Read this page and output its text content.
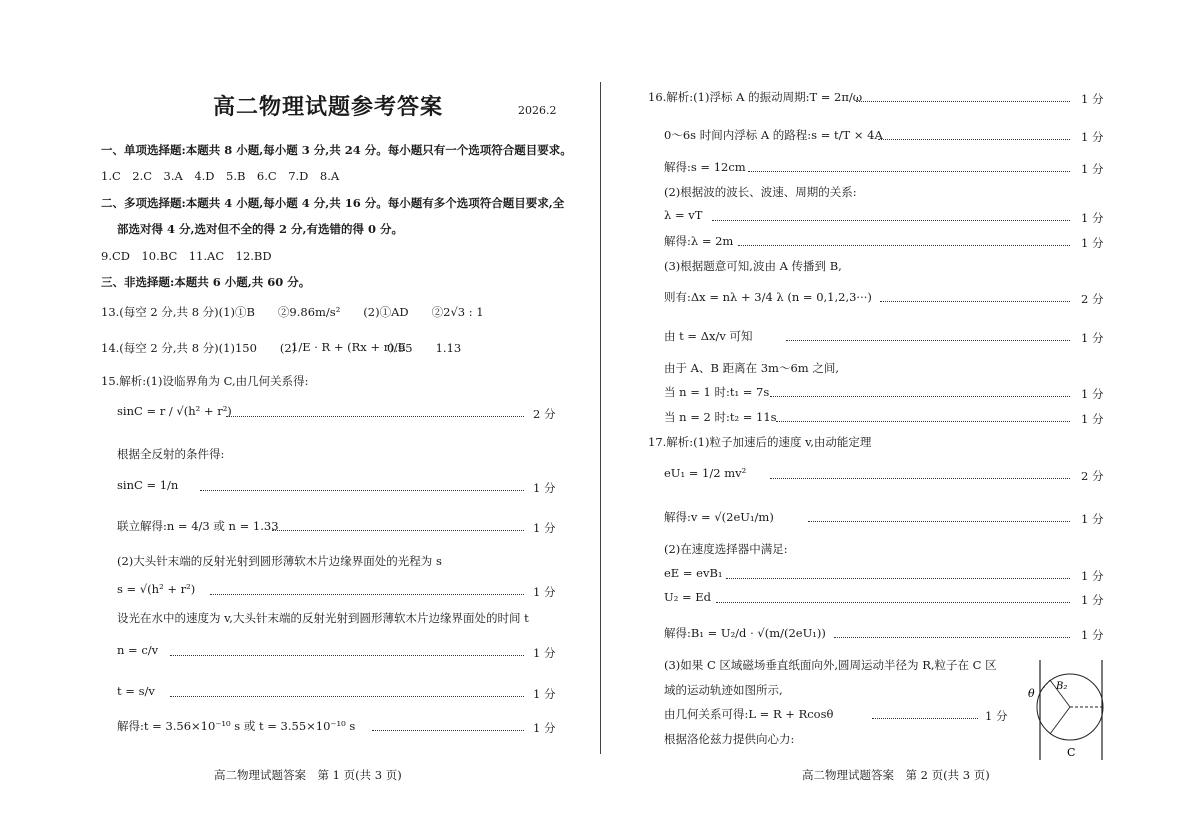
高二物理试题参考答案	2026.2
一、单项选择题:本题共 8 小题,每小题 3 分,共 24 分。每小题只有一个选项符合题目要求。
1.C　2.C　3.A　4.D　5.B　6.C　7.D　8.A
二、多项选择题:本题共 4 小题,每小题 4 分,共 16 分。每小题有多个选项符合题目要求,全
部选对得 4 分,选对但不全的得 2 分,有选错的得 0 分。
9.CD　10.BC　11.AC　12.BD
三、非选择题:本题共 6 小题,共 60 分。
13.(每空 2 分,共 8 分)(1)①B　　②9.86m/s²　　(2)①AD　　②2√3 : 1
14.(每空 2 分,共 8 分)(1)150　　(2)
1/E · R + (Rx + r)/E
0.95　　1.13
15.解析:(1)设临界角为 C,由几何关系得:
sinC = r / √(h² + r²)	2 分
根据全反射的条件得:
sinC = 1/n	1 分
联立解得:n = 4/3 或 n = 1.33	1 分
(2)大头针末端的反射光射到圆形薄软木片边缘界面处的光程为 s
s = √(h² + r²)	1 分
设光在水中的速度为 v,大头针末端的反射光射到圆形薄软木片边缘界面处的时间 t
n = c/v	1 分
t = s/v	1 分
解得:t = 3.56×10⁻¹⁰ s 或 t = 3.55×10⁻¹⁰ s	1 分
高二物理试题答案　第 1 页(共 3 页)
16.解析:(1)浮标 A 的振动周期:T = 2π/ω	1 分
0～6s 时间内浮标 A 的路程:s = t/T × 4A	1 分
解得:s = 12cm	1 分
(2)根据波的波长、波速、周期的关系:
λ = vT	1 分
解得:λ = 2m	1 分
(3)根据题意可知,波由 A 传播到 B,
则有:Δx = nλ + 3/4 λ (n = 0,1,2,3···)	2 分
由 t = Δx/v 可知	1 分
由于 A、B 距离在 3m～6m 之间,
当 n = 1 时:t₁ = 7s	1 分
当 n = 2 时:t₂ = 11s	1 分
17.解析:(1)粒子加速后的速度 v,由动能定理
eU₁ = 1/2 mv²	2 分
解得:v = √(2eU₁/m)	1 分
(2)在速度选择器中满足:
eE = evB₁	1 分
U₂ = Ed	1 分
解得:B₁ = U₂/d · √(m/(2eU₁))	1 分
(3)如果 C 区域磁场垂直纸面向外,圆周运动半径为 R,粒子在 C 区
域的运动轨迹如图所示,
由几何关系可得:L = R + Rcosθ	1 分
根据洛伦兹力提供向心力:
θ
B₂
C
高二物理试题答案　第 2 页(共 3 页)
